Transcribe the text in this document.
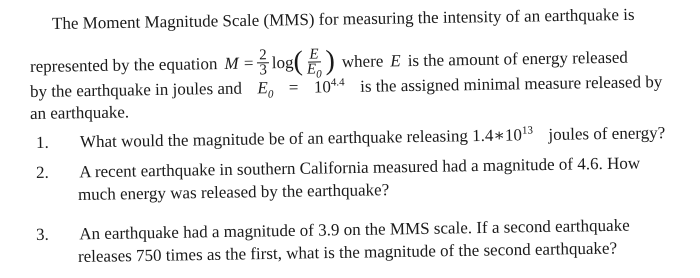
The Moment Magnitude Scale (MMS) for measuring the intensity of an earthquake is
represented by the equation $M = \frac{2}{3}$ log ( $\frac{E}{E_0}$ ) where E is the amount of energy released
by the earthquake in joules and $E_0 = 10^{4.4}$ is the assigned minimal measure released by
an earthquake.
1. What would the magnitude be of an earthquake releasing $1.4∗10^{13}$ joules of energy?
2. A recent earthquake in southern California measured had a magnitude of 4.6. How
much energy was released by the earthquake?
3. An earthquake had a magnitude of 3.9 on the MMS scale. If a second earthquake
releases 750 times as the first, what is the magnitude of the second earthquake?
